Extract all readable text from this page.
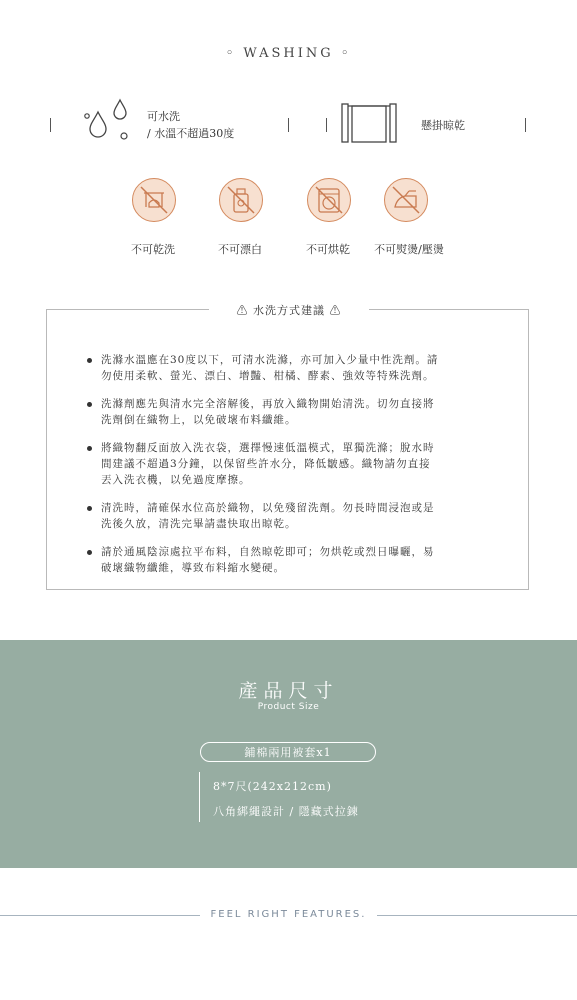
◦ WASHING ◦
可水洗
/ 水溫不超過30度
懸掛晾乾
不可乾洗	不可漂白	不可烘乾	不可熨燙/壓燙
⚠ 水洗方式建議 ⚠
洗滌水溫應在30度以下，可清水洗滌，亦可加入少量中性洗劑。請
勿使用柔軟、螢光、漂白、增豔、柑橘、酵素、強效等特殊洗劑。
洗滌劑應先與清水完全溶解後，再放入織物開始清洗。切勿直接將
洗劑倒在織物上，以免破壞布料纖維。
將織物翻反面放入洗衣袋，選擇慢速低溫模式，單獨洗滌；脫水時
間建議不超過3分鐘，以保留些許水分，降低皺感。織物請勿直接
丟入洗衣機，以免過度摩擦。
清洗時，請確保水位高於織物，以免殘留洗劑。勿長時間浸泡或是
洗後久放，清洗完畢請盡快取出晾乾。
請於通風陰涼處拉平布料，自然晾乾即可；勿烘乾或烈日曝曬，易
破壞織物纖維，導致布料縮水變硬。
產品尺寸
Product Size
鋪棉兩用被套x1
8*7尺(242x212cm)
八角綁繩設計 / 隱藏式拉鍊
FEEL RIGHT FEATURES.
